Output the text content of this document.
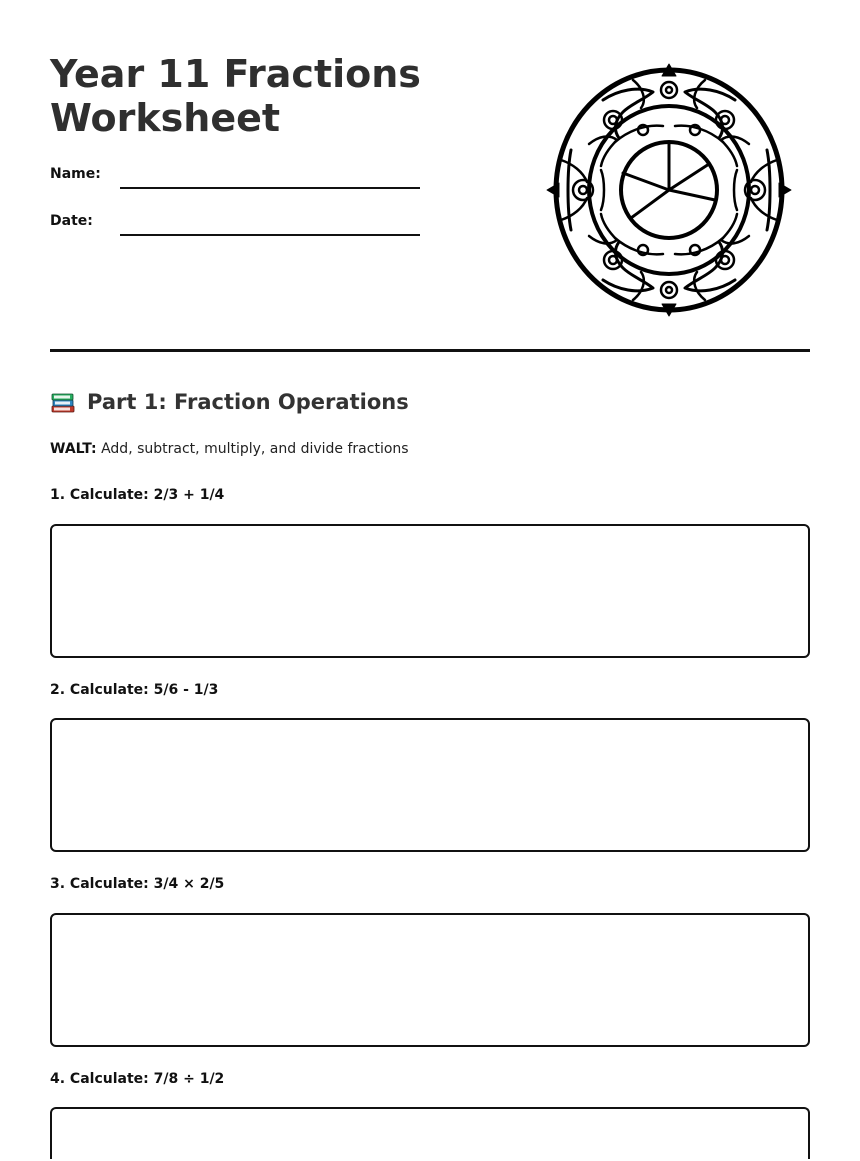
Year 11 Fractions Worksheet
Name:
Date:
Part 1: Fraction Operations
WALT: Add, subtract, multiply, and divide fractions
1. Calculate: 2/3 + 1/4
2. Calculate: 5/6 - 1/3
3. Calculate: 3/4 × 2/5
4. Calculate: 7/8 ÷ 1/2
